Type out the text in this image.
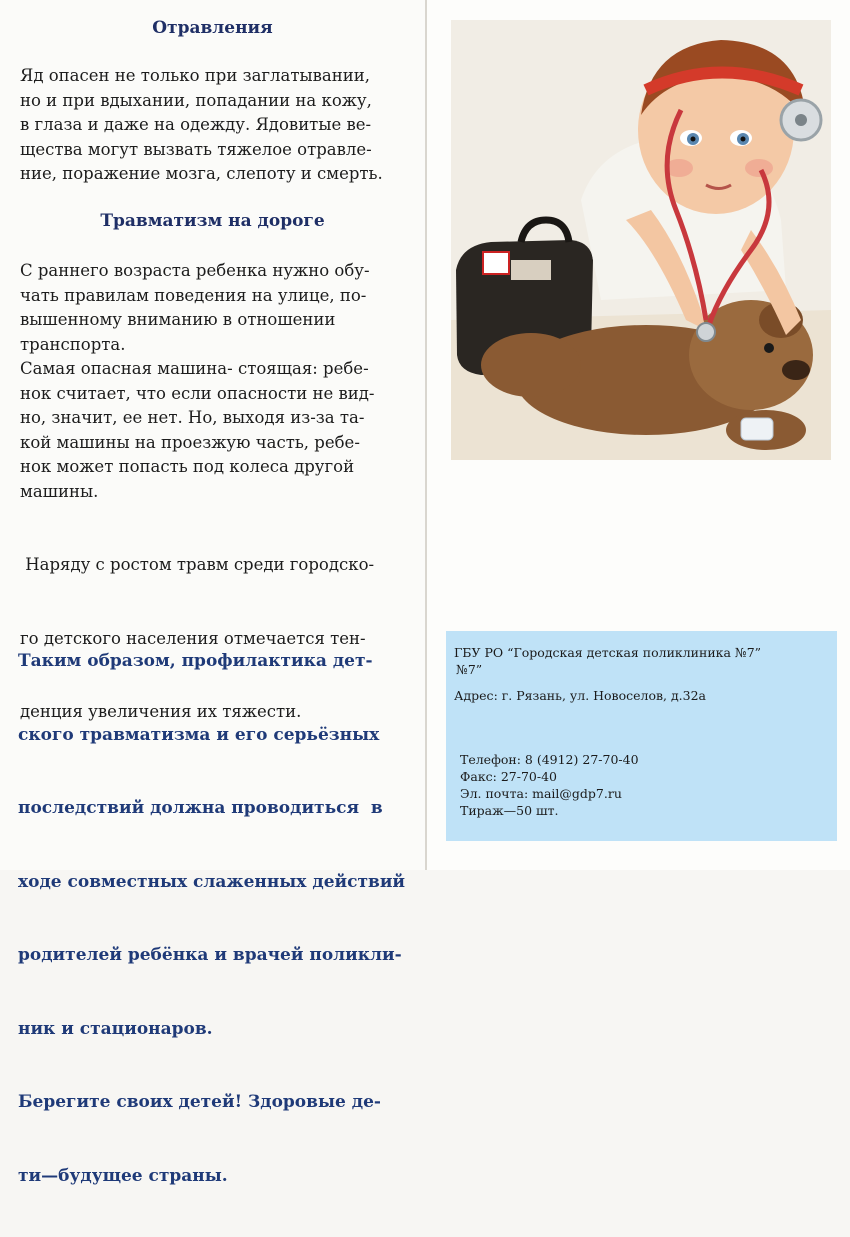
Отравления
Яд опасен не только при заглатывании,
но и при вдыхании, попадании на кожу,
в глаза и даже на одежду. Ядовитые ве-
щества могут вызвать тяжелое отравле-
ние, поражение мозга, слепоту и смерть.
Травматизм на дороге
С раннего возраста ребенка нужно обу-
чать правилам поведения на улице, по-
вышенному вниманию в отношении
транспорта.
Самая опасная машина- стоящая: ребе-
нок считает, что если опасности не вид-
но, значит, ее нет. Но, выходя из-за та-
кой машины на проезжую часть, ребе-
нок может попасть под колеса другой
машины.

Наряду с ростом травм среди городско-

го детского населения отмечается тен-

денция увеличения их тяжести.

Таким образом, профилактика дет-

ского травматизма и его серьёзных

последствий должна проводиться  в

ходе совместных слаженных действий

родителей ребёнка и врачей поликли-

ник и стационаров.

Берегите своих детей! Здоровые де-

ти—будущее страны.

ГБУ РО “Городская детская поликлиника №7”

№7”

Адрес: г. Рязань, ул. Новоселов, д.32а

Телефон: 8 (4912) 27-70-40

Факс: 27-70-40

Эл. почта: mail@gdp7.ru

Тираж—50 шт.
